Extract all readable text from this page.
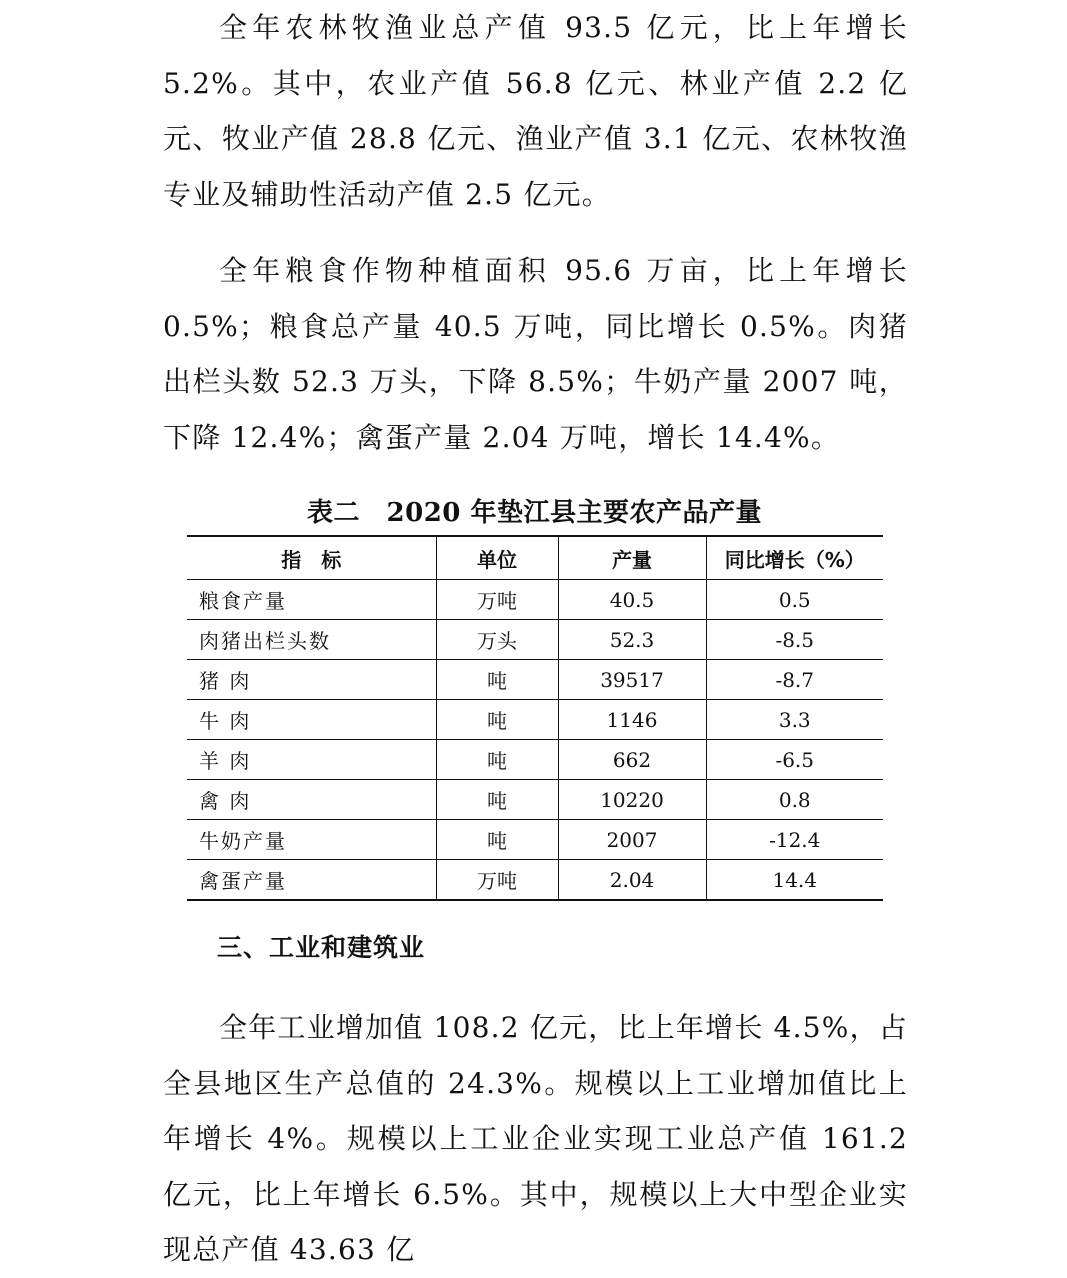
全年农林牧渔业总产值 93.5 亿元，比上年增长 5.2%。其中，农业产值 56.8 亿元、林业产值 2.2 亿元、牧业产值 28.8 亿元、渔业产值 3.1 亿元、农林牧渔专业及辅助性活动产值 2.5 亿元。

全年粮食作物种植面积 95.6 万亩，比上年增长 0.5%；粮食总产量 40.5 万吨，同比增长 0.5%。肉猪出栏头数 52.3 万头，下降 8.5%；牛奶产量 2007 吨，下降 12.4%；禽蛋产量 2.04 万吨，增长 14.4%。

表二　2020 年垫江县主要农产品产量
指　标	单位	产量	同比增长（%）
粮食产量	万吨	40.5	0.5
肉猪出栏头数	万头	52.3	-8.5
猪 肉	吨	39517	-8.7
牛 肉	吨	1146	3.3
羊 肉	吨	662	-6.5
禽 肉	吨	10220	0.8
牛奶产量	吨	2007	-12.4
禽蛋产量	万吨	2.04	14.4
三、工业和建筑业

全年工业增加值 108.2 亿元，比上年增长 4.5%，占全县地区生产总值的 24.3%。规模以上工业增加值比上年增长 4%。规模以上工业企业实现工业总产值 161.2 亿元，比上年增长 6.5%。其中，规模以上大中型企业实现总产值 43.63 亿
